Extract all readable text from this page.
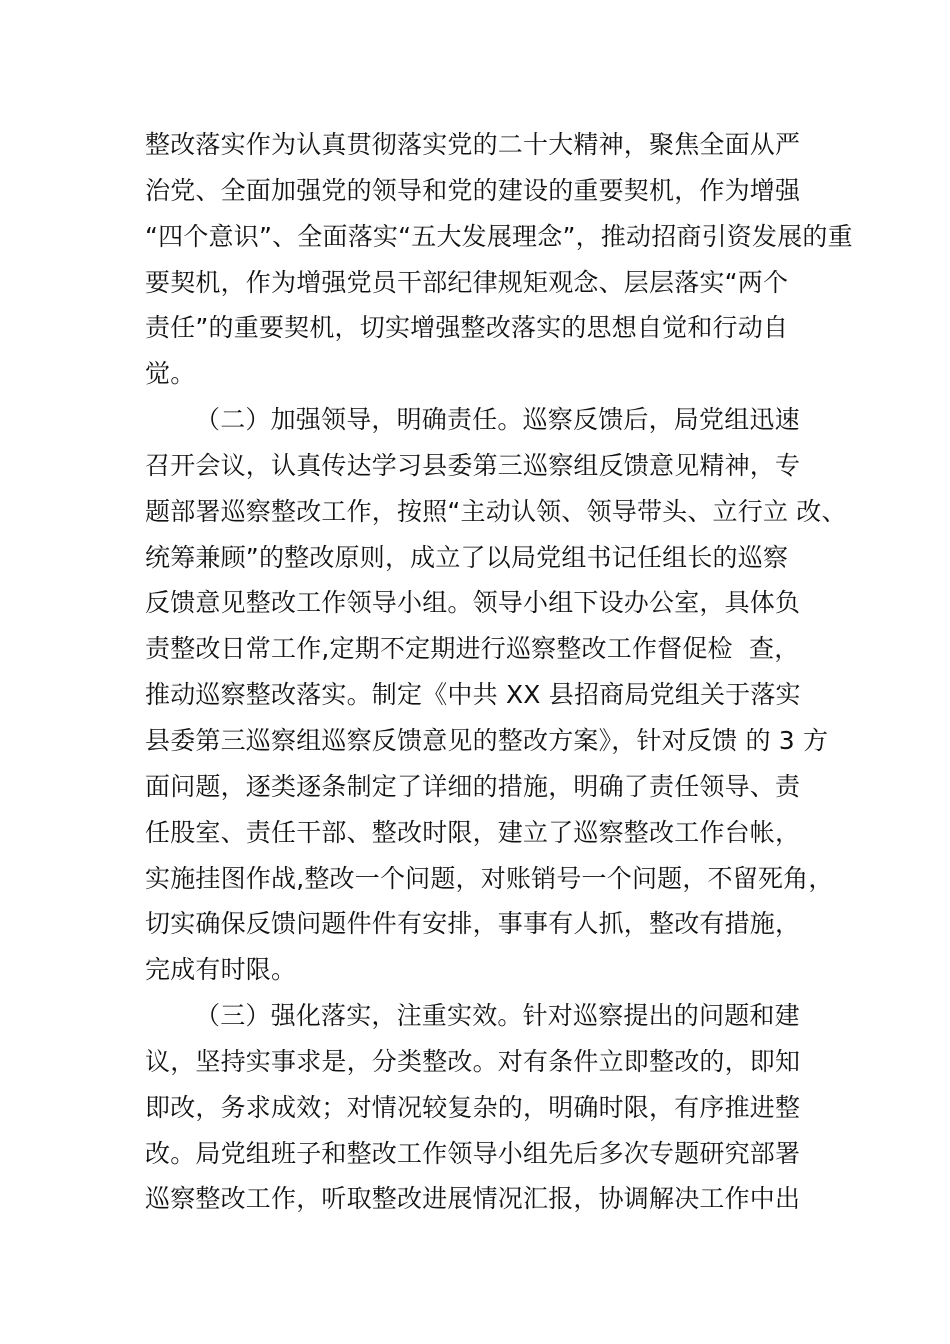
整改落实作为认真贯彻落实党的二十大精神，聚焦全面从严
治党、全面加强党的领导和党的建设的重要契机，作为增强
“四个意识”、全面落实“五大发展理念”，推动招商引资发展的重
要契机，作为增强党员干部纪律规矩观念、层层落实“两个
责任”的重要契机，切实增强整改落实的思想自觉和行动自
觉。
（二）加强领导，明确责任。巡察反馈后，局党组迅速
召开会议，认真传达学习县委第三巡察组反馈意见精神，专
题部署巡察整改工作，按照“主动认领、领导带头、立行立 改、
统筹兼顾”的整改原则，成立了以局党组书记任组长的巡察
反馈意见整改工作领导小组。领导小组下设办公室，具体负
责整改日常工作,定期不定期进行巡察整改工作督促检  查，
推动巡察整改落实。制定《中共 XX 县招商局党组关于落实
县委第三巡察组巡察反馈意见的整改方案》，针对反馈 的 3 方
面问题，逐类逐条制定了详细的措施，明确了责任领导、责
任股室、责任干部、整改时限，建立了巡察整改工作台帐，
实施挂图作战,整改一个问题，对账销号一个问题，不留死角，
切实确保反馈问题件件有安排，事事有人抓，整改有措施，
完成有时限。
（三）强化落实，注重实效。针对巡察提出的问题和建
议，坚持实事求是，分类整改。对有条件立即整改的，即知
即改，务求成效；对情况较复杂的，明确时限，有序推进整
改。局党组班子和整改工作领导小组先后多次专题研究部署
巡察整改工作，听取整改进展情况汇报，协调解决工作中出
